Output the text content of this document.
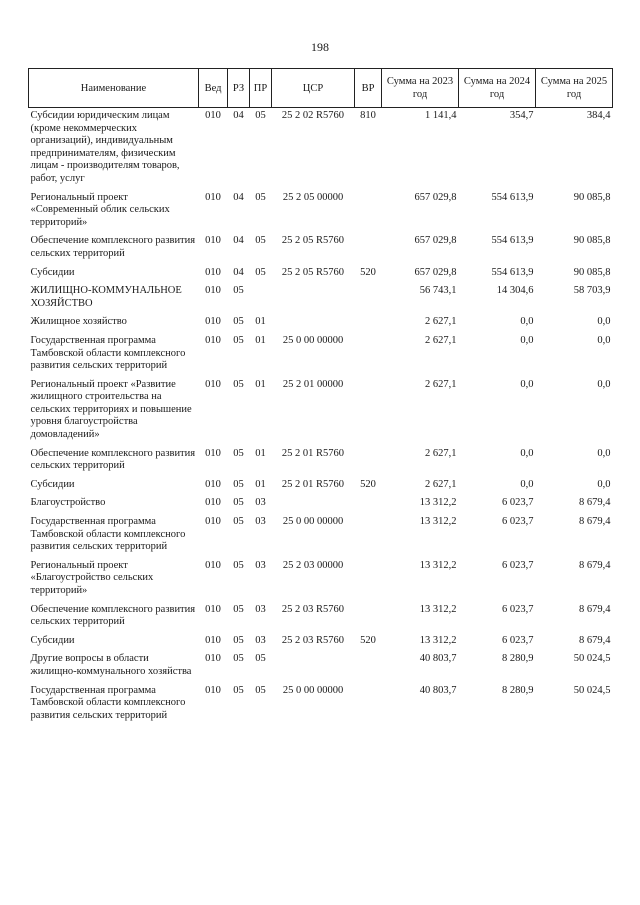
198
Наименование	Вед	РЗ	ПР	ЦСР	ВР	Сумма на 2023 год	Сумма на 2024 год	Сумма на 2025 год
Субсидии юридическим лицам (кроме некоммерческих организаций), индивидуальным предпринимателям, физическим лицам - производителям товаров, работ, услуг	010	04	05	25 2 02 R5760	810	1 141,4	354,7	384,4
Региональный проект «Современный облик сельских территорий»	010	04	05	25 2 05 00000		657 029,8	554 613,9	90 085,8
Обеспечение комплексного развития сельских территорий	010	04	05	25 2 05 R5760		657 029,8	554 613,9	90 085,8
Субсидии	010	04	05	25 2 05 R5760	520	657 029,8	554 613,9	90 085,8
ЖИЛИЩНО-КОММУНАЛЬНОЕ ХОЗЯЙСТВО	010	05				56 743,1	14 304,6	58 703,9
Жилищное хозяйство	010	05	01			2 627,1	0,0	0,0
Государственная программа Тамбовской области комплексного развития сельских территорий	010	05	01	25 0 00 00000		2 627,1	0,0	0,0
Региональный проект «Развитие жилищного строительства на сельских территориях и повышение уровня благоустройства домовладений»	010	05	01	25 2 01 00000		2 627,1	0,0	0,0
Обеспечение комплексного развития сельских территорий	010	05	01	25 2 01 R5760		2 627,1	0,0	0,0
Субсидии	010	05	01	25 2 01 R5760	520	2 627,1	0,0	0,0
Благоустройство	010	05	03			13 312,2	6 023,7	8 679,4
Государственная программа Тамбовской области комплексного развития сельских территорий	010	05	03	25 0 00 00000		13 312,2	6 023,7	8 679,4
Региональный проект «Благоустройство сельских территорий»	010	05	03	25 2 03 00000		13 312,2	6 023,7	8 679,4
Обеспечение комплексного развития сельских территорий	010	05	03	25 2 03 R5760		13 312,2	6 023,7	8 679,4
Субсидии	010	05	03	25 2 03 R5760	520	13 312,2	6 023,7	8 679,4
Другие вопросы в области жилищно-коммунального хозяйства	010	05	05			40 803,7	8 280,9	50 024,5
Государственная программа Тамбовской области комплексного развития сельских территорий	010	05	05	25 0 00 00000		40 803,7	8 280,9	50 024,5
